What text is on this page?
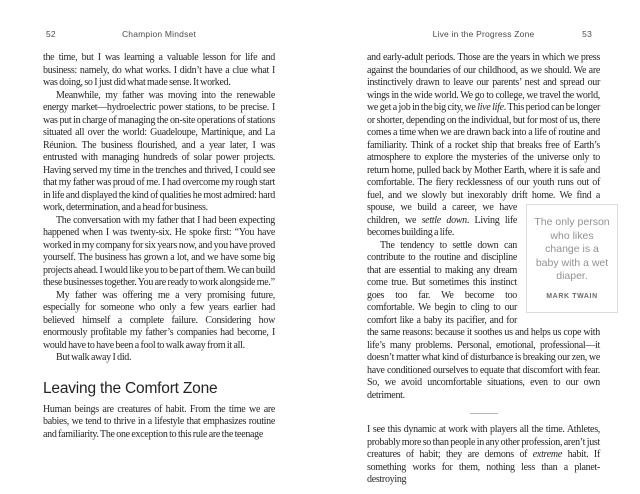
52	Champion Mindset

the time, but I was learning a valuable lesson for life and business: namely, do what works. I didn’t have a clue what I was doing, so I just did what made sense. It worked.

Meanwhile, my father was moving into the renewable energy market—hydroelectric power stations, to be precise. I was put in charge of managing the on-site operations of stations situated all over the world: Guadeloupe, Martinique, and La Réunion. The business flourished, and a year later, I was entrusted with managing hundreds of solar power projects. Having served my time in the trenches and thrived, I could see that my father was proud of me. I had overcome my rough start in life and displayed the kind of qualities he most admired: hard work, determination, and a head for business.

The conversation with my father that I had been expecting happened when I was twenty-six. He spoke first: “You have worked in my company for six years now, and you have proved yourself. The business has grown a lot, and we have some big projects ahead. I would like you to be part of them. We can build these businesses together. You are ready to work alongside me.”

My father was offering me a very promising future, especially for someone who only a few years earlier had believed himself a complete failure. Considering how enormously profitable my father’s companies had become, I would have to have been a fool to walk away from it all.

But walk away I did.

Leaving the Comfort Zone

Human beings are creatures of habit. From the time we are babies, we tend to thrive in a lifestyle that emphasizes routine and familiarity. The one exception to this rule are the teenage

Live in the Progress Zone	53

and early-adult periods. Those are the years in which we press against the boundaries of our childhood, as we should. We are instinctively drawn to leave our parents’ nest and spread our wings in the wide world. We go to college, we travel the world, we get a job in the big city, we live life. This period can be longer or shorter, depending on the individual, but for most of us, there comes a time when we are drawn back into a life of routine and familiarity. Think of a rocket ship that breaks free of Earth’s atmosphere to explore the mysteries of the universe only to return home, pulled back by Mother Earth, where it is safe and comfortable. The fiery recklessness of our youth runs out of fuel, and we slowly but inexorably drift home. We find a
The only person who likes change is a baby with a wet diaper.
MARK TWAIN
spouse, we build a career, we have children, we settle down. Living life becomes building a life.

The tendency to settle down can contribute to the routine and discipline that are essential to making any dream come true. But sometimes this instinct goes too far. We become too comfortable. We begin to cling to our comfort like a baby its pacifier, and for the same reasons: because it soothes us and helps us cope with life’s many problems. Personal, emotional, professional—it doesn’t matter what kind of disturbance is breaking our zen, we have conditioned ourselves to equate that discomfort with fear. So, we avoid uncomfortable situations, even to our own detriment.

I see this dynamic at work with players all the time. Athletes, probably more so than people in any other profession, aren’t just creatures of habit; they are demons of extreme habit. If something works for them, nothing less than a planet-destroying
